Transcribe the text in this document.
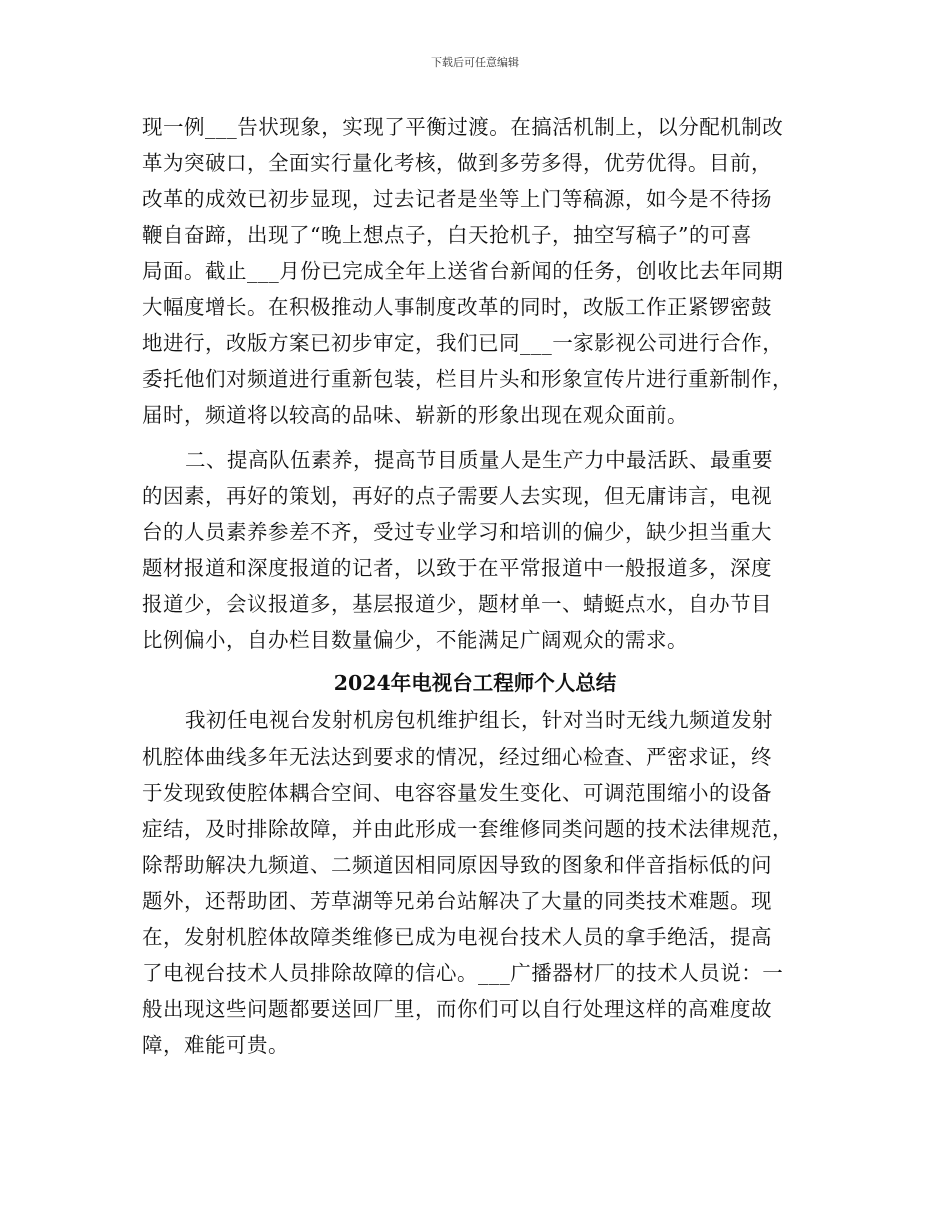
下载后可任意编辑
现一例___告状现象，实现了平衡过渡。在搞活机制上，以分配机制改
革为突破口，全面实行量化考核，做到多劳多得，优劳优得。目前，
改革的成效已初步显现，过去记者是坐等上门等稿源，如今是不待扬
鞭自奋蹄，出现了“晚上想点子，白天抢机子，抽空写稿子”的可喜
局面。截止___月份已完成全年上送省台新闻的任务，创收比去年同期
大幅度增长。在积极推动人事制度改革的同时，改版工作正紧锣密鼓
地进行，改版方案已初步审定，我们已同___一家影视公司进行合作，
委托他们对频道进行重新包装，栏目片头和形象宣传片进行重新制作，
届时，频道将以较高的品味、崭新的形象出现在观众面前。
二、提高队伍素养，提高节目质量人是生产力中最活跃、最重要
的因素，再好的策划，再好的点子需要人去实现，但无庸讳言，电视
台的人员素养参差不齐，受过专业学习和培训的偏少，缺少担当重大
题材报道和深度报道的记者，以致于在平常报道中一般报道多，深度
报道少，会议报道多，基层报道少，题材单一、蜻蜓点水，自办节目
比例偏小，自办栏目数量偏少，不能满足广阔观众的需求。
2024年电视台工程师个人总结
我初任电视台发射机房包机维护组长，针对当时无线九频道发射
机腔体曲线多年无法达到要求的情况，经过细心检查、严密求证，终
于发现致使腔体耦合空间、电容容量发生变化、可调范围缩小的设备
症结，及时排除故障，并由此形成一套维修同类问题的技术法律规范，
除帮助解决九频道、二频道因相同原因导致的图象和伴音指标低的问
题外，还帮助团、芳草湖等兄弟台站解决了大量的同类技术难题。现
在，发射机腔体故障类维修已成为电视台技术人员的拿手绝活，提高
了电视台技术人员排除故障的信心。___广播器材厂的技术人员说：一
般出现这些问题都要送回厂里，而你们可以自行处理这样的高难度故
障，难能可贵。
